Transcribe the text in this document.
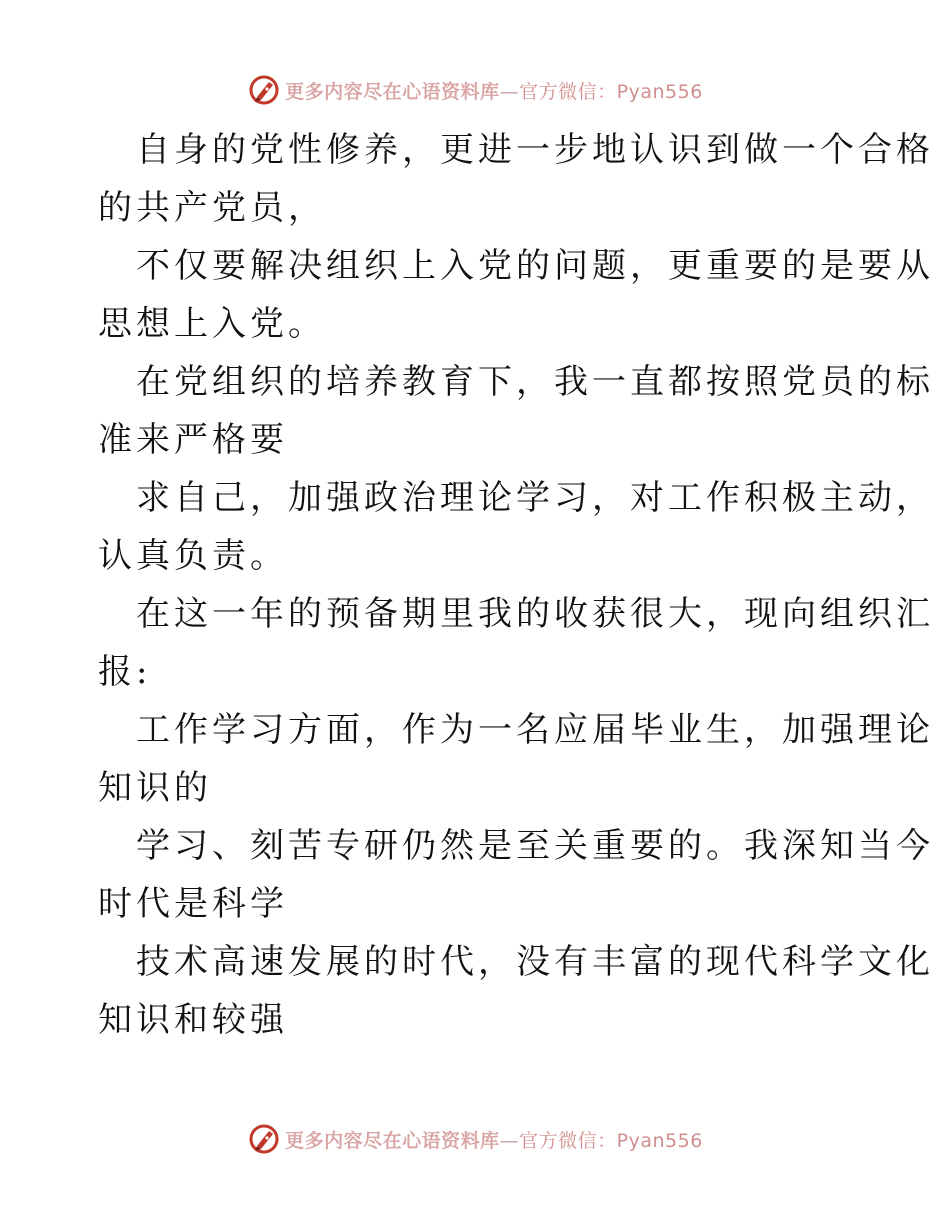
更多内容尽在心语资料库—官方微信：Pyan556

自身的党性修养，更进一步地认识到做一个合格

的共产党员，

不仅要解决组织上入党的问题，更重要的是要从

思想上入党。

在党组织的培养教育下，我一直都按照党员的标

准来严格要

求自己，加强政治理论学习，对工作积极主动，

认真负责。

在这一年的预备期里我的收获很大，现向组织汇

报:

工作学习方面，作为一名应届毕业生，加强理论

知识的

学习、刻苦专研仍然是至关重要的。我深知当今

时代是科学

技术高速发展的时代，没有丰富的现代科学文化

知识和较强

更多内容尽在心语资料库—官方微信：Pyan556
